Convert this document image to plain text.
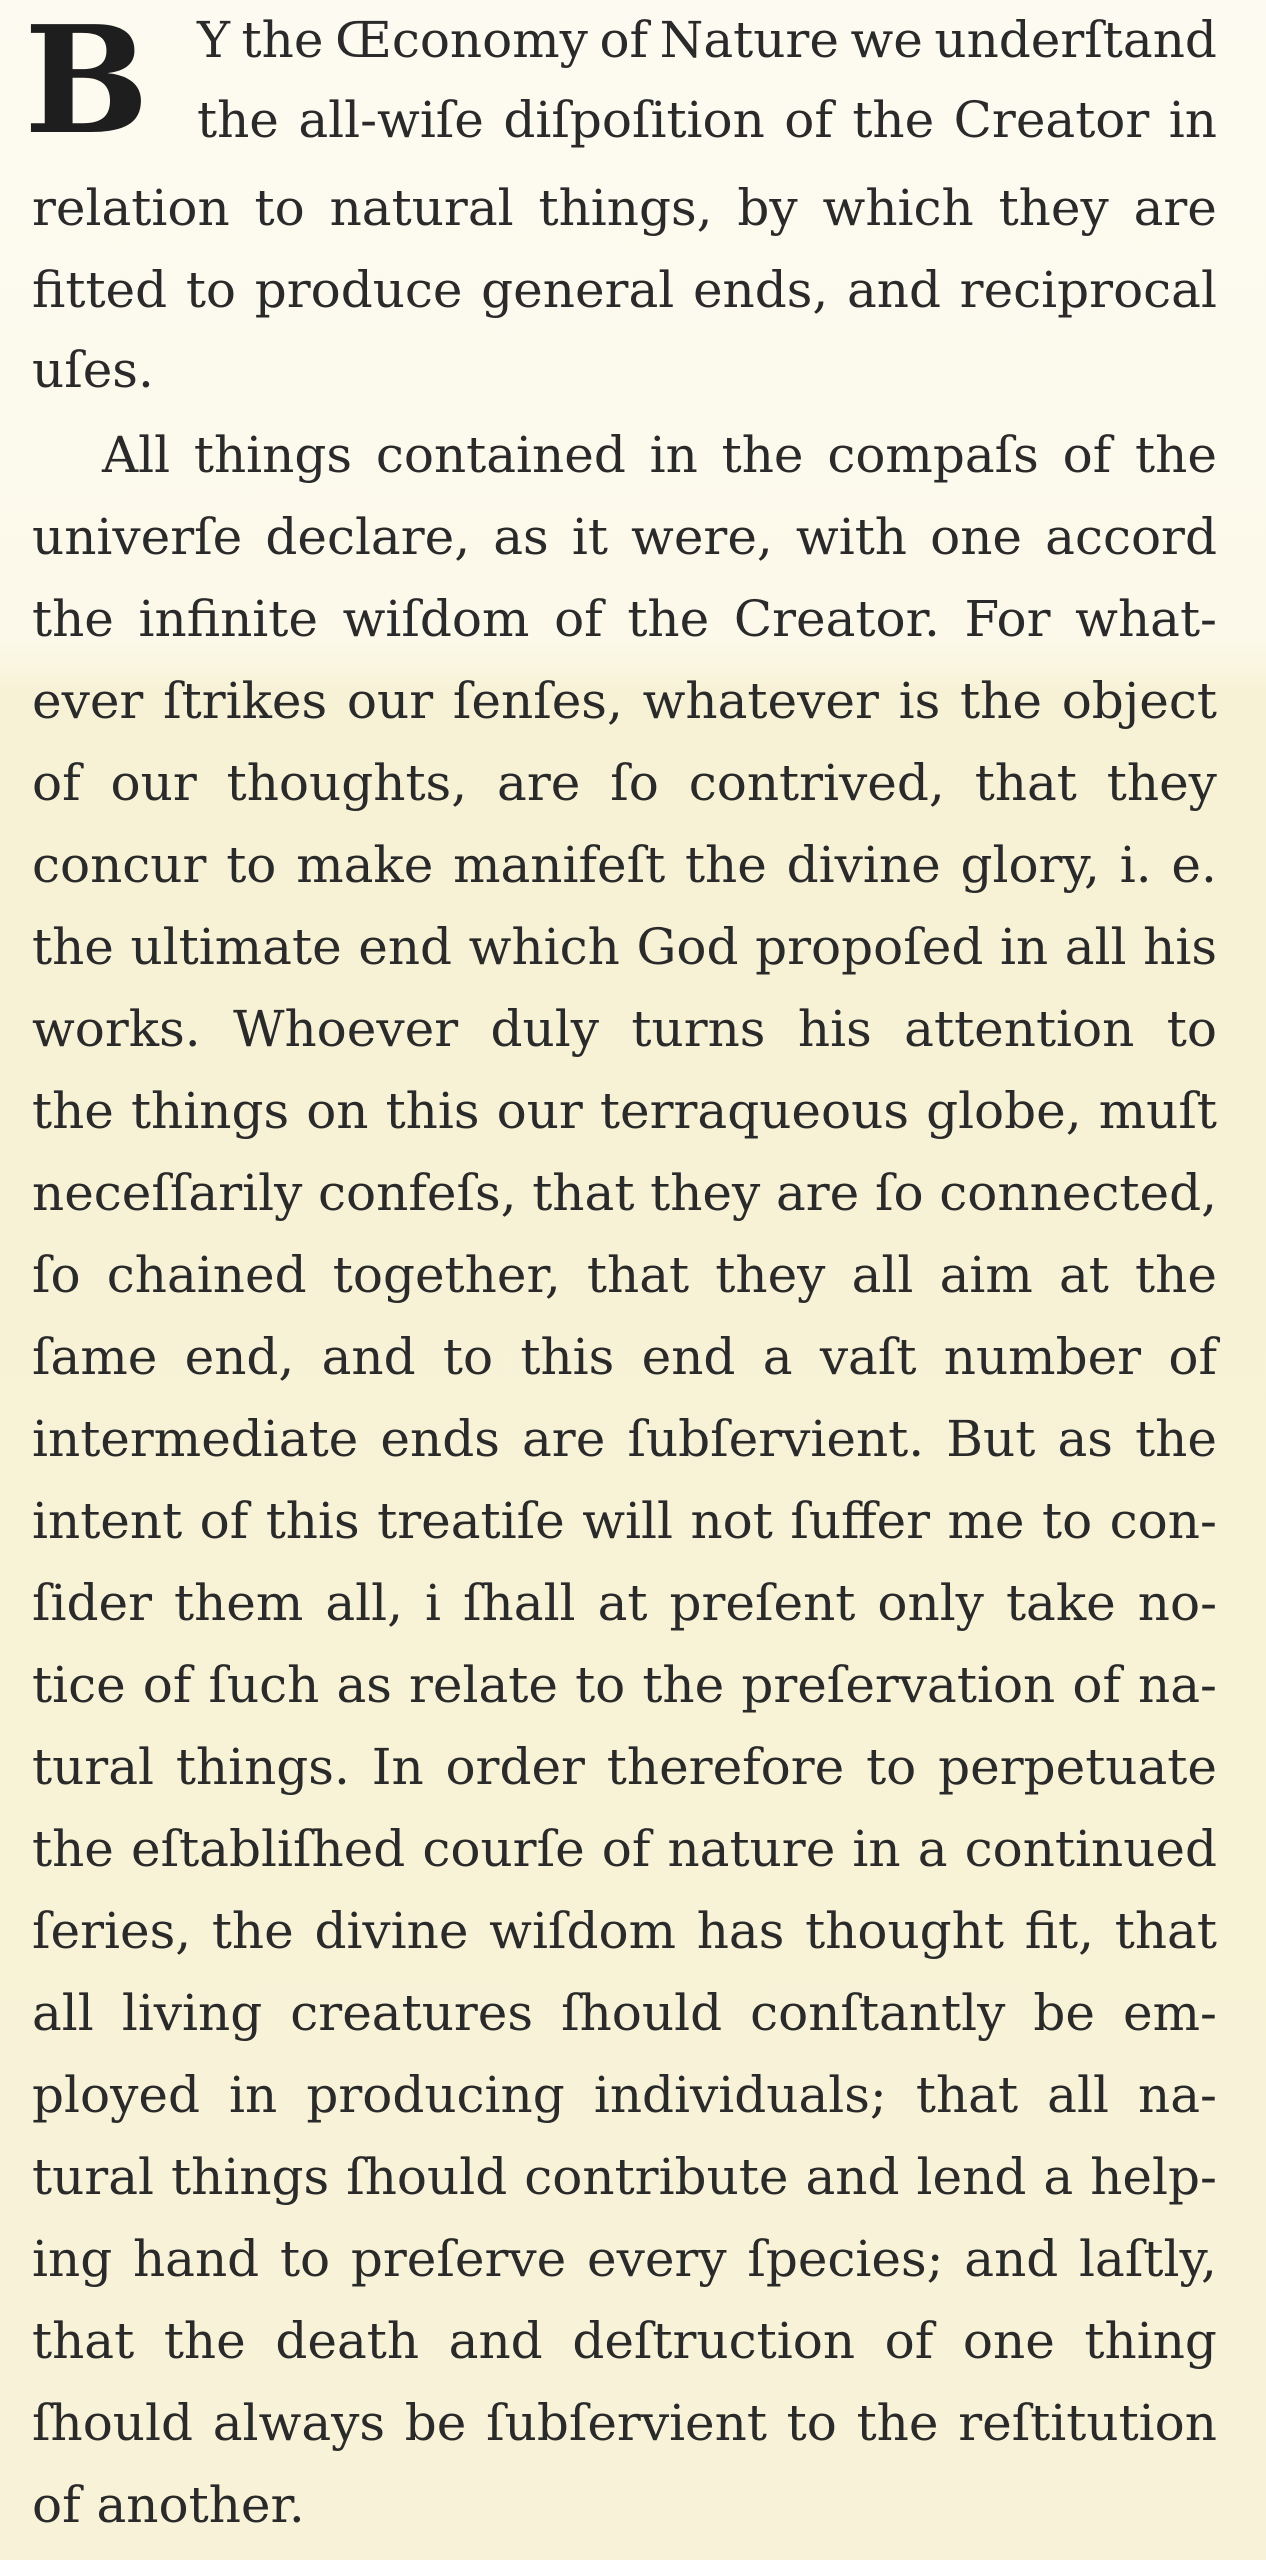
B Y the Œconomy of Nature we underſtand
the all-wiſe diſpoſition of the Creator in
relation to natural things, by which they are
fitted to produce general ends, and reciprocal
uſes.
All things contained in the compaſs of the
univerſe declare, as it were, with one accord
the infinite wiſdom of the Creator. For what-
ever ſtrikes our ſenſes, whatever is the object
of our thoughts, are ſo contrived, that they
concur to make manifeſt the divine glory, i. e.
the ultimate end which God propoſed in all his
works. Whoever duly turns his attention to
the things on this our terraqueous globe, muſt
neceſſarily confeſs, that they are ſo connected,
ſo chained together, that they all aim at the
ſame end, and to this end a vaſt number of
intermediate ends are ſubſervient. But as the
intent of this treatiſe will not ſuffer me to con-
ſider them all, i ſhall at preſent only take no-
tice of ſuch as relate to the preſervation of na-
tural things. In order therefore to perpetuate
the eſtabliſhed courſe of nature in a continued
ſeries, the divine wiſdom has thought fit, that
all living creatures ſhould conſtantly be em-
ployed in producing individuals; that all na-
tural things ſhould contribute and lend a help-
ing hand to preſerve every ſpecies; and laſtly,
that the death and deſtruction of one thing
ſhould always be ſubſervient to the reſtitution
of another.
